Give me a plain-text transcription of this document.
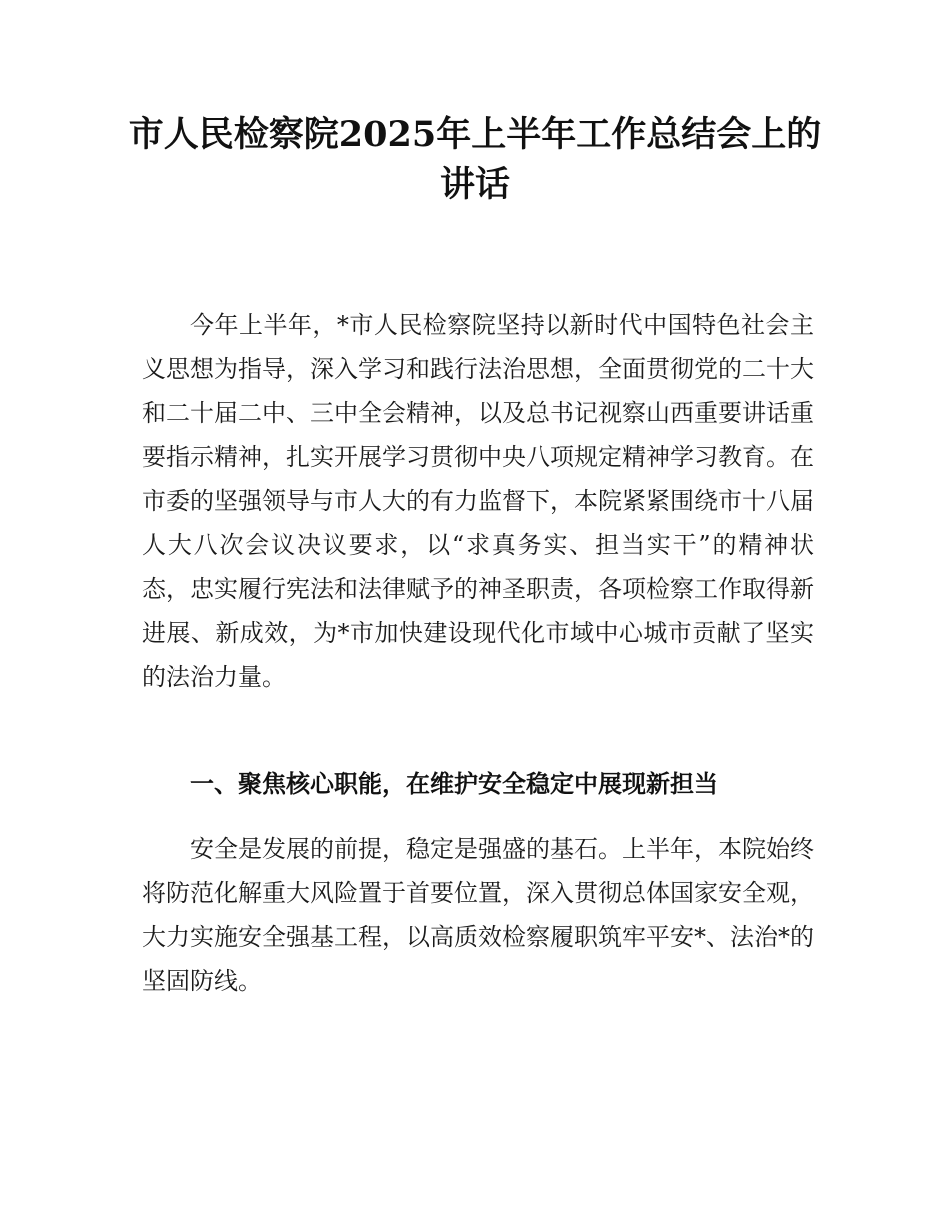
市人民检察院2025年上半年工作总结会上的讲话

今年上半年，*市人民检察院坚持以新时代中国特色社会主义思想为指导，深入学习和践行法治思想，全面贯彻党的二十大和二十届二中、三中全会精神，以及总书记视察山西重要讲话重要指示精神，扎实开展学习贯彻中央八项规定精神学习教育。在市委的坚强领导与市人大的有力监督下，本院紧紧围绕市十八届人大八次会议决议要求，以“求真务实、担当实干”的精神状态，忠实履行宪法和法律赋予的神圣职责，各项检察工作取得新进展、新成效，为*市加快建设现代化市域中心城市贡献了坚实的法治力量。

一、聚焦核心职能，在维护安全稳定中展现新担当

安全是发展的前提，稳定是强盛的基石。上半年，本院始终将防范化解重大风险置于首要位置，深入贯彻总体国家安全观，大力实施安全强基工程，以高质效检察履职筑牢平安*、法治*的坚固防线。
